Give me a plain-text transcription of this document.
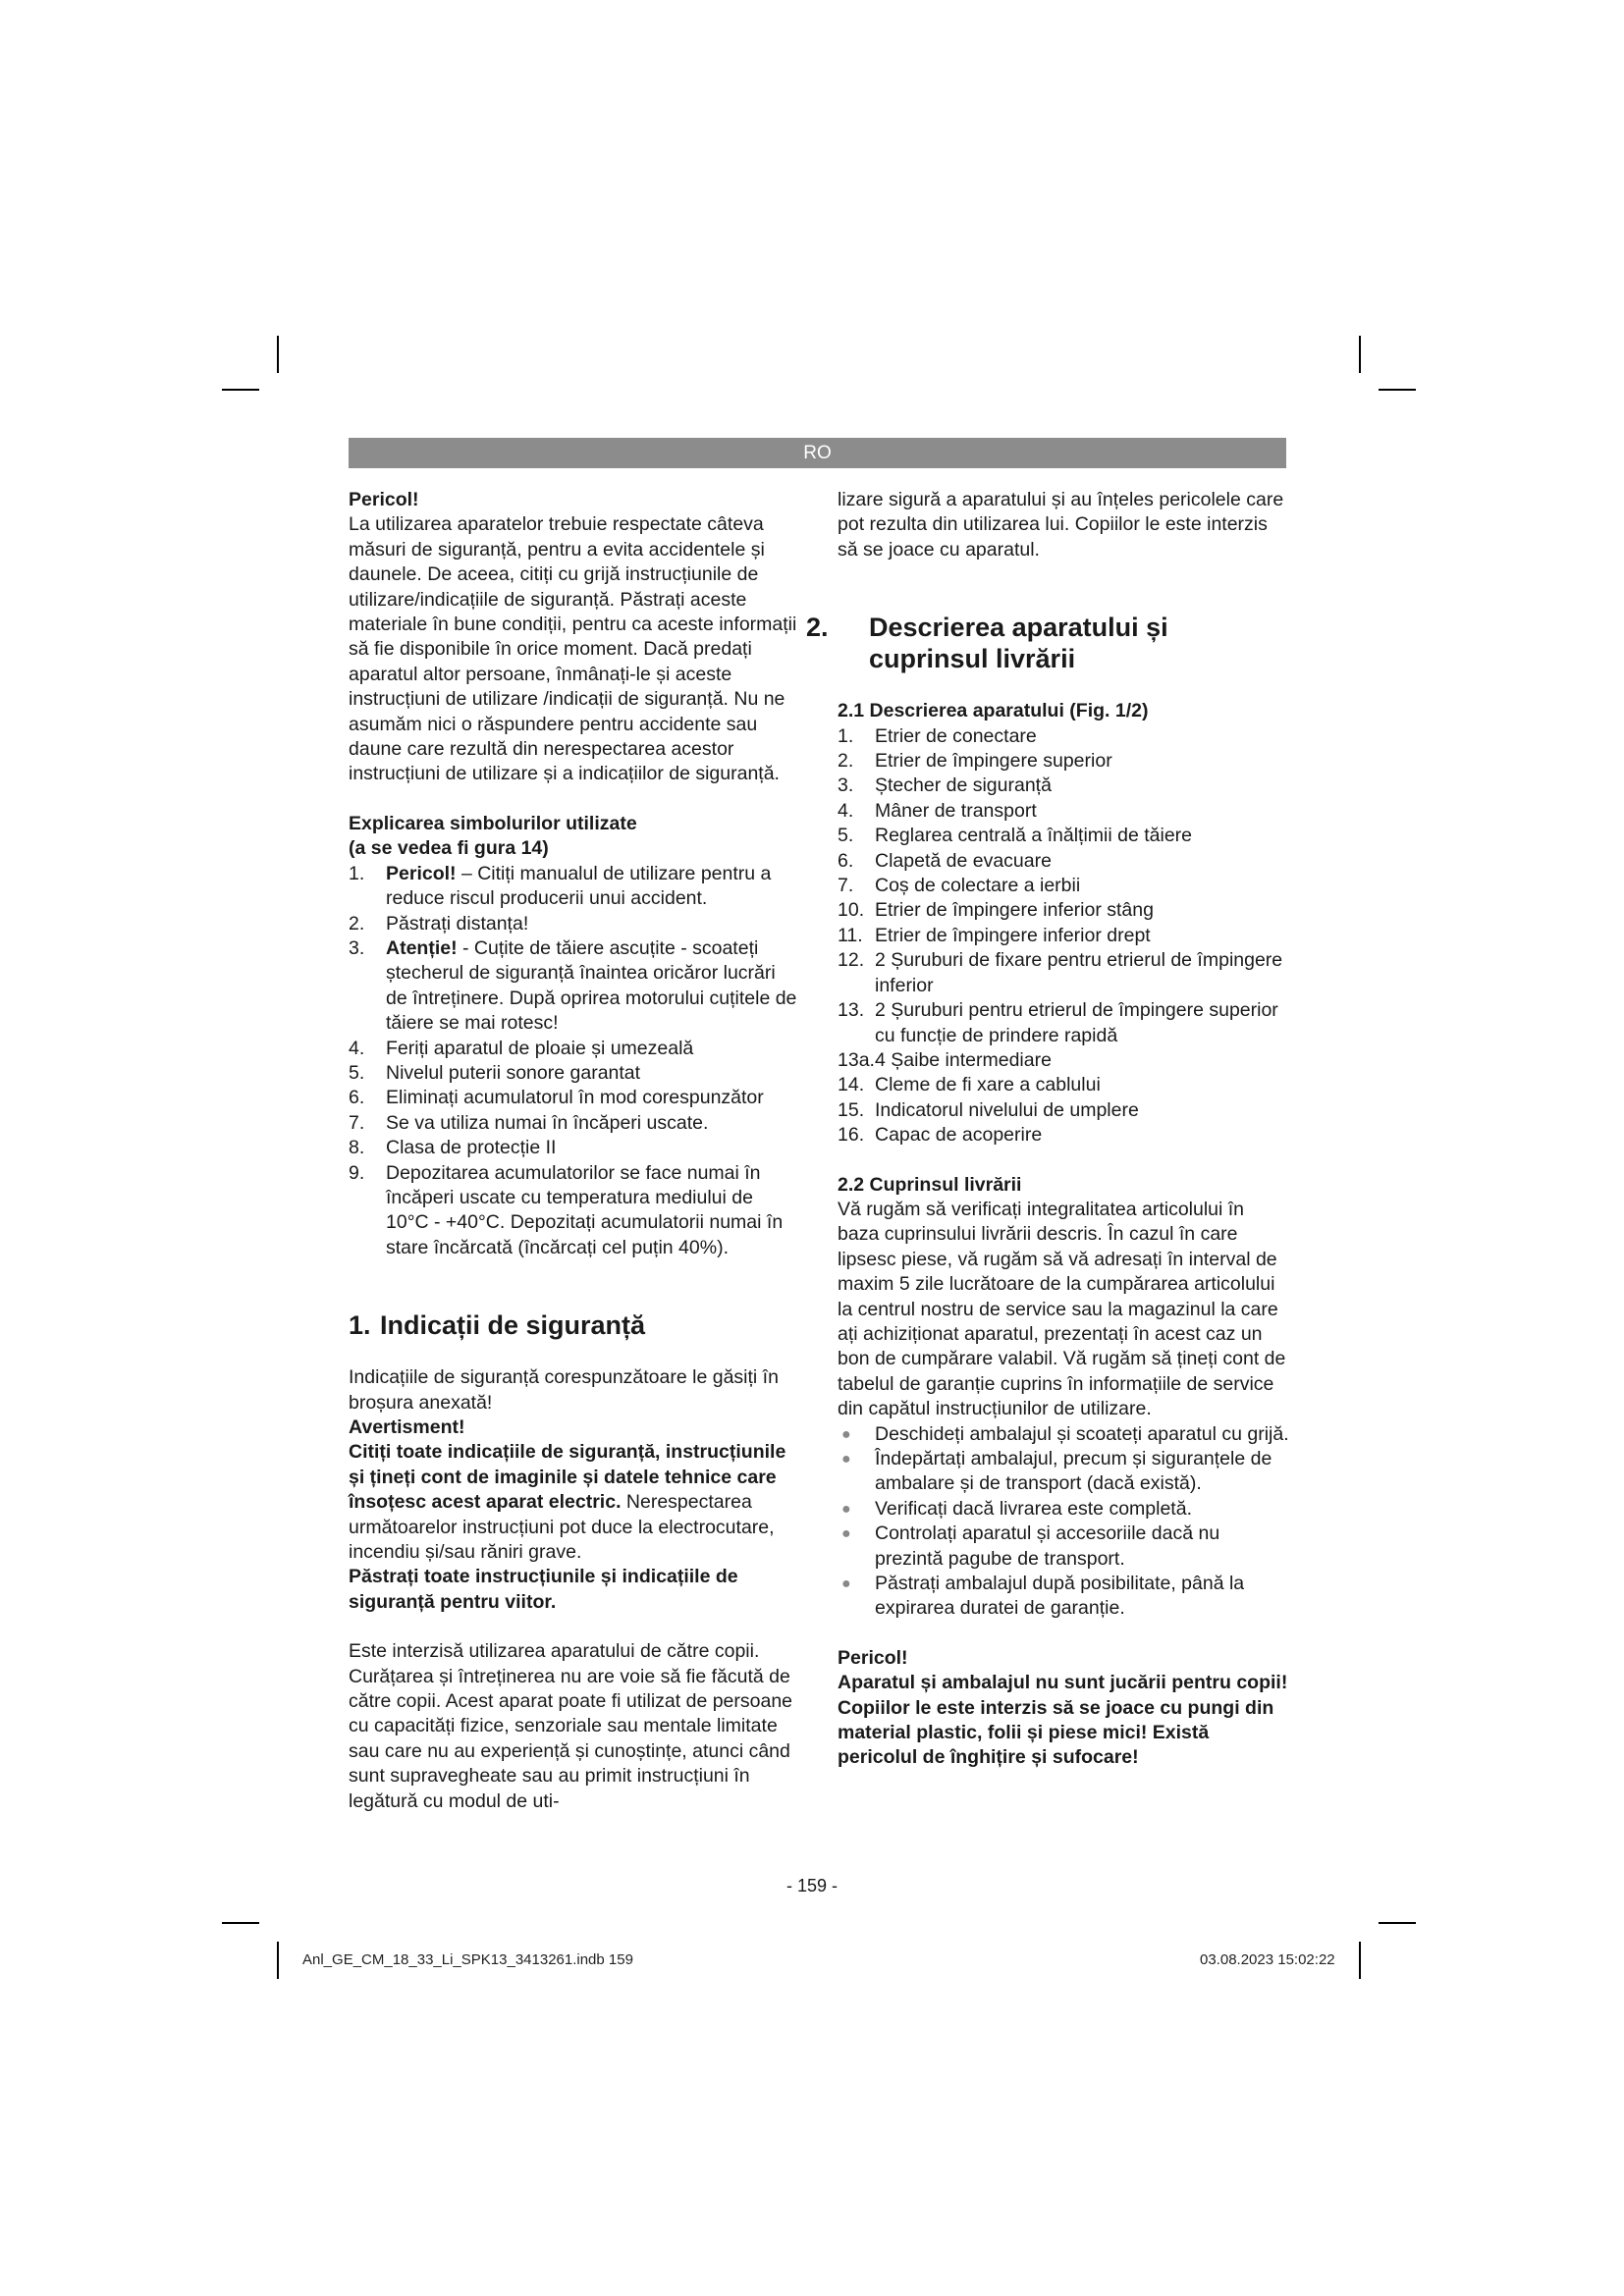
RO

Pericol!

La utilizarea aparatelor trebuie respectate câteva măsuri de siguranță, pentru a evita accidentele și daunele. De aceea, citiți cu grijă instrucțiunile de utilizare/indicațiile de siguranță. Păstrați aceste materiale în bune condiții, pentru ca aceste informații să fie disponibile în orice moment. Dacă predați aparatul altor persoane, înmânați-le și aceste instrucțiuni de utilizare /indicații de siguranță. Nu ne asumăm nici o răspundere pentru accidente sau daune care rezultă din nerespectarea acestor instrucțiuni de utilizare și a indicațiilor de siguranță.

Explicarea simbolurilor utilizate

(a se vedea fi gura 14)

1. Pericol! – Citiți manualul de utilizare pentru a reduce riscul producerii unui accident.
2. Păstrați distanța!
3. Atenție! - Cuțite de tăiere ascuțite - scoateți ștecherul de siguranță înaintea oricăror lucrări de întreținere. După oprirea motorului cuțitele de tăiere se mai rotesc!
4. Feriți aparatul de ploaie și umezeală
5. Nivelul puterii sonore garantat
6. Eliminați acumulatorul în mod corespunzător
7. Se va utiliza numai în încăperi uscate.
8. Clasa de protecție II
9. Depozitarea acumulatorilor se face numai în încăperi uscate cu temperatura mediului de 10°C - +40°C. Depozitați acumulatorii numai în stare încărcată (încărcați cel puțin 40%).

1. Indicații de siguranță

Indicațiile de siguranță corespunzătoare le găsiți în broșura anexată!

Avertisment!

Citiți toate indicațiile de siguranță, instrucțiunile și țineți cont de imaginile și datele tehnice care însoțesc acest aparat electric. Nerespectarea următoarelor instrucțiuni pot duce la electrocutare, incendiu și/sau răniri grave.

Păstrați toate instrucțiunile și indicațiile de siguranță pentru viitor.

Este interzisă utilizarea aparatului de către copii. Curățarea și întreținerea nu are voie să fie făcută de către copii. Acest aparat poate fi utilizat de persoane cu capacități fizice, senzoriale sau mentale limitate sau care nu au experiență și cunoștințe, atunci când sunt supravegheate sau au primit instrucțiuni în legătură cu modul de uti-

lizare sigură a aparatului și au înțeles pericolele care pot rezulta din utilizarea lui. Copiilor le este interzis să se joace cu aparatul.

2. Descrierea aparatului și cuprinsul livrării

2.1 Descrierea aparatului (Fig. 1/2)

1. Etrier de conectare
2. Etrier de împingere superior
3. Ștecher de siguranță
4. Mâner de transport
5. Reglarea centrală a înălțimii de tăiere
6. Clapetă de evacuare
7. Coș de colectare a ierbii
10. Etrier de împingere inferior stâng
11. Etrier de împingere inferior drept
12. 2 Șuruburi de fixare pentru etrierul de împingere inferior
13. 2 Șuruburi pentru etrierul de împingere superior cu funcție de prindere rapidă
13a. 4 Șaibe intermediare
14. Cleme de fi xare a cablului
15. Indicatorul nivelului de umplere
16. Capac de acoperire

2.2 Cuprinsul livrării

Vă rugăm să verificați integralitatea articolului în baza cuprinsului livrării descris. În cazul în care lipsesc piese, vă rugăm să vă adresați în interval de maxim 5 zile lucrătoare de la cumpărarea articolului la centrul nostru de service sau la magazinul la care ați achiziționat aparatul, prezentați în acest caz un bon de cumpărare valabil. Vă rugăm să țineți cont de tabelul de garanție cuprins în informațiile de service din capătul instrucțiunilor de utilizare.

● Deschideți ambalajul și scoateți aparatul cu grijă.
● Îndepărtați ambalajul, precum și siguranțele de ambalare și de transport (dacă există).
● Verificați dacă livrarea este completă.
● Controlați aparatul și accesoriile dacă nu prezintă pagube de transport.
● Păstrați ambalajul după posibilitate, până la expirarea duratei de garanție.

Pericol!

Aparatul și ambalajul nu sunt jucării pentru copii! Copiilor le este interzis să se joace cu pungi din material plastic, folii și piese mici! Există pericolul de înghițire și sufocare!

- 159 -
Anl_GE_CM_18_33_Li_SPK13_3413261.indb 159	03.08.2023 15:02:22
